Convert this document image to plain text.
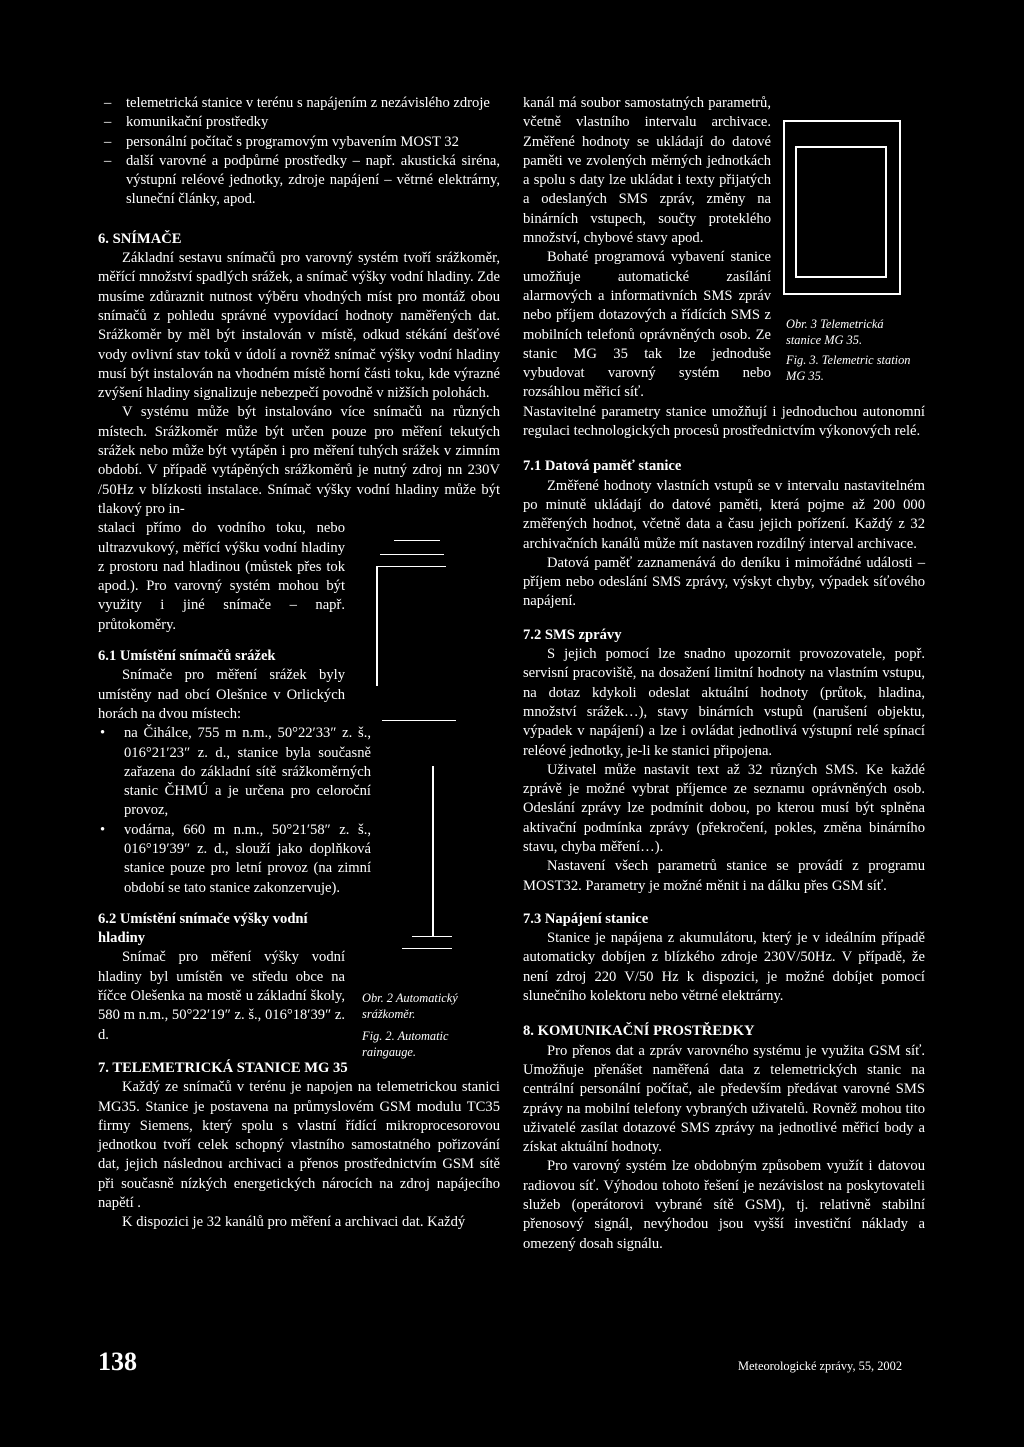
– telemetrická stanice v terénu s napájením z nezávislého zdroje

– komunikační prostředky

– personální počítač s programovým vybavením MOST 32

– další varovné a podpůrné prostředky – např. akustická siréna, výstupní reléové jednotky, zdroje napájení – větrné elektrárny, sluneční články, apod.

6. SNÍMAČE

Základní sestavu snímačů pro varovný systém tvoří srážkoměr, měřící množství spadlých srážek, a snímač výšky vodní hladiny. Zde musíme zdůraznit nutnost výběru vhodných míst pro montáž obou snímačů z pohledu správné vypovídací hodnoty naměřených dat. Srážkoměr by měl být instalován v místě, odkud stékání dešťové vody ovlivní stav toků v údolí a rovněž snímač výšky vodní hladiny musí být instalován na vhodném místě horní části toku, kde výrazné zvýšení hladiny signalizuje nebezpečí povodně v nižších polohách.

V systému může být instalováno více snímačů na různých místech. Srážkoměr může být určen pouze pro měření tekutých srážek nebo může být vytápěn i pro měření tuhých srážek v zimním období. V případě vytápěných srážkoměrů je nutný zdroj nn 230V /50Hz v blízkosti instalace. Snímač výšky vodní hladiny může být tlakový pro in-

stalaci přímo do vodního toku, nebo ultrazvukový, měřící výšku vodní hladiny z prostoru nad hladinou (můstek přes tok apod.). Pro varovný systém mohou být využity i jiné snímače – např. průtokoměry.

6.1 Umístění snímačů srážek

Snímače pro měření srážek byly umístěny nad obcí Olešnice v Orlických horách na dvou místech:

• na Čihálce, 755 m n.m., 50°22′33″ z. š., 016°21′23″ z. d., stanice byla současně zařazena do základní sítě srážkoměrných stanic ČHMÚ a je určena pro celoroční provoz,

• vodárna, 660 m n.m., 50°21′58″ z. š., 016°19′39″ z. d., slouží jako doplňková stanice pouze pro letní provoz (na zimní období se tato stanice zakonzervuje).

6.2 Umístění snímače výšky vodní hladiny

Snímač pro měření výšky vodní hladiny byl umístěn ve středu obce na říčce Olešenka na mostě u základní školy, 580 m n.m., 50°22′19″ z. š., 016°18′39″ z. d.

7. TELEMETRICKÁ STANICE MG 35

Každý ze snímačů v terénu je napojen na telemetrickou stanici MG35. Stanice je postavena na průmyslovém GSM modulu TC35 firmy Siemens, který spolu s vlastní řídící mikroprocesorovou jednotkou tvoří celek schopný vlastního samostatného pořizování dat, jejich následnou archivaci a přenos prostřednictvím GSM sítě při současně nízkých energetických nárocích na zdroj napájecího napětí .

K dispozici je 32 kanálů pro měření a archivaci dat. Každý

Obr. 2 Automatický srážkoměr.
Fig. 2. Automatic raingauge.

kanál má soubor samostatných parametrů, včetně vlastního intervalu archivace. Změřené hodnoty se ukládají do datové paměti ve zvolených měrných jednotkách a spolu s daty lze ukládat i texty přijatých a odeslaných SMS zpráv, změny na binárních vstupech, součty proteklého množství, chybové stavy apod.

Bohaté programová vybavení stanice umožňuje automatické zasílání alarmových a informativních SMS zpráv nebo příjem dotazových a řídících SMS z mobilních telefonů oprávněných osob. Ze stanic MG 35 tak lze jednoduše vybudovat varovný systém nebo rozsáhlou měřicí síť.

Nastavitelné parametry stanice umožňují i jednoduchou autonomní regulaci technologických procesů prostřednictvím výkonových relé.

7.1 Datová paměť stanice

Změřené hodnoty vlastních vstupů se v intervalu nastavitelném po minutě ukládají do datové paměti, která pojme až 200 000 změřených hodnot, včetně data a času jejich pořízení. Každý z 32 archivačních kanálů může mít nastaven rozdílný interval archivace.

Datová paměť zaznamenává do deníku i mimořádné události – příjem nebo odeslání SMS zprávy, výskyt chyby, výpadek síťového napájení.

7.2 SMS zprávy

S jejich pomocí lze snadno upozornit provozovatele, popř. servisní pracoviště, na dosažení limitní hodnoty na vlastním vstupu, na dotaz kdykoli odeslat aktuální hodnoty (průtok, hladina, množství srážek…), stavy binárních vstupů (narušení objektu, výpadek v napájení) a lze i ovládat jednotlivá výstupní relé spínací reléové jednotky, je-li ke stanici připojena.

Uživatel může nastavit text až 32 různých SMS. Ke každé zprávě je možné vybrat příjemce ze seznamu oprávněných osob. Odeslání zprávy lze podmínit dobou, po kterou musí být splněna aktivační podmínka zprávy (překročení, pokles, změna binárního stavu, chyba měření…).

Nastavení všech parametrů stanice se provádí z programu MOST32. Parametry je možné měnit i na dálku přes GSM síť.

7.3 Napájení stanice

Stanice je napájena z akumulátoru, který je v ideálním případě automaticky dobíjen z blízkého zdroje 230V/50Hz. V případě, že není zdroj 220 V/50 Hz k dispozici, je možné dobíjet pomocí slunečního kolektoru nebo větrné elektrárny.

8. KOMUNIKAČNÍ PROSTŘEDKY

Pro přenos dat a zpráv varovného systému je využita GSM síť. Umožňuje přenášet naměřená data z telemetrických stanic na centrální personální počítač, ale především předávat varovné SMS zprávy na mobilní telefony vybraných uživatelů. Rovněž mohou tito uživatelé zasílat dotazové SMS zprávy na jednotlivé měřicí body a získat aktuální hodnoty.

Pro varovný systém lze obdobným způsobem využít i datovou radiovou síť. Výhodou tohoto řešení je nezávislost na poskytovateli služeb (operátorovi vybrané sítě GSM), tj. relativně stabilní přenosový signál, nevýhodou jsou vyšší investiční náklady a omezený dosah signálu.

Obr. 3 Telemetrická stanice MG 35.
Fig. 3. Telemetric station MG 35.
138	Meteorologické zprávy, 55, 2002
